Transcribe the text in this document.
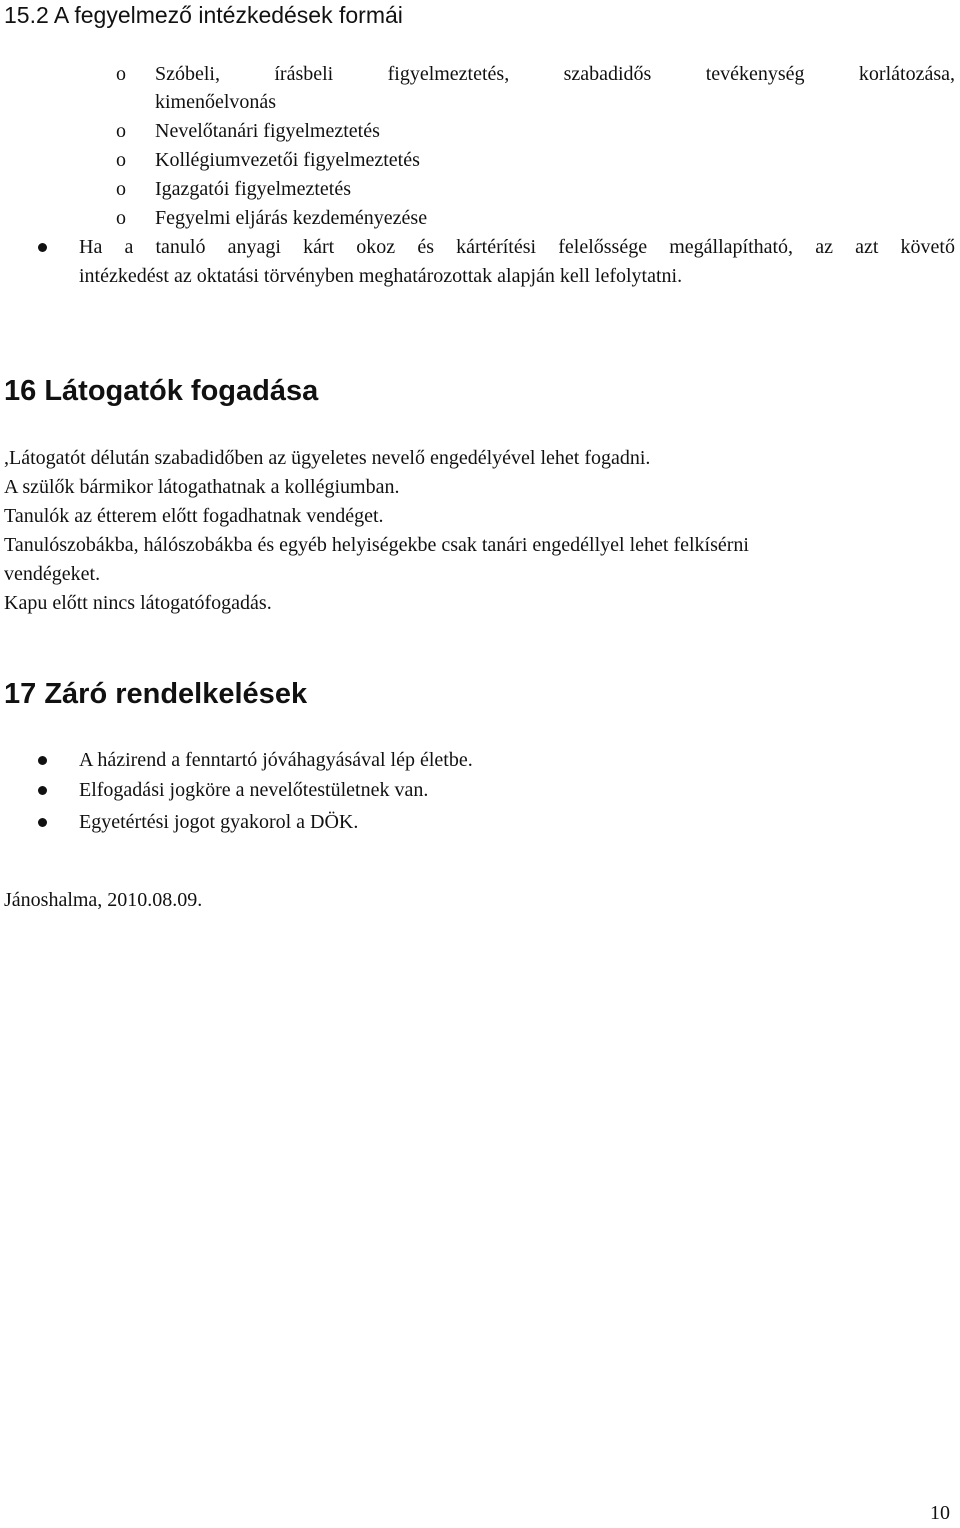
15.2 A fegyelmező intézkedések formái
o Szóbeli, írásbeli figyelmeztetés, szabadidős tevékenység korlátozása,
kimenőelvonás
o Nevelőtanári figyelmeztetés
o Kollégiumvezetői figyelmeztetés
o Igazgatói figyelmeztetés
o Fegyelmi eljárás kezdeményezése
Ha a tanuló anyagi kárt okoz és kártérítési felelőssége megállapítható, az azt követő
intézkedést az oktatási törvényben meghatározottak alapján kell lefolytatni.
16 Látogatók fogadása
,Látogatót délután szabadidőben az ügyeletes nevelő engedélyével lehet fogadni.
A szülők bármikor látogathatnak a kollégiumban.
Tanulók az étterem előtt fogadhatnak vendéget.
Tanulószobákba, hálószobákba és egyéb helyiségekbe csak tanári engedéllyel lehet felkísérni
vendégeket.
Kapu előtt nincs látogatófogadás.
17 Záró rendelkelések
A házirend a fenntartó jóváhagyásával lép életbe.
Elfogadási jogköre a nevelőtestületnek van.
Egyetértési jogot gyakorol a DÖK.
Jánoshalma, 2010.08.09.
10
